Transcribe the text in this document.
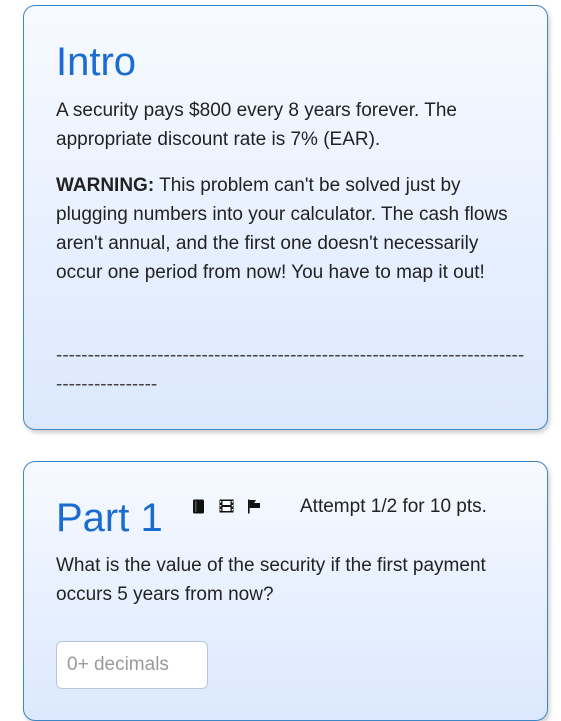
Intro

A security pays $800 every 8 years forever. The appropriate discount rate is 7% (EAR).

WARNING: This problem can't be solved just by plugging numbers into your calculator. The cash flows aren't annual, and the first one doesn't necessarily occur one period from now! You have to map it out!

------------------------------------------------------------------------------------------

Part 1	Attempt 1/2 for 10 pts.

What is the value of the security if the first payment occurs 5 years from now?

0+ decimals
